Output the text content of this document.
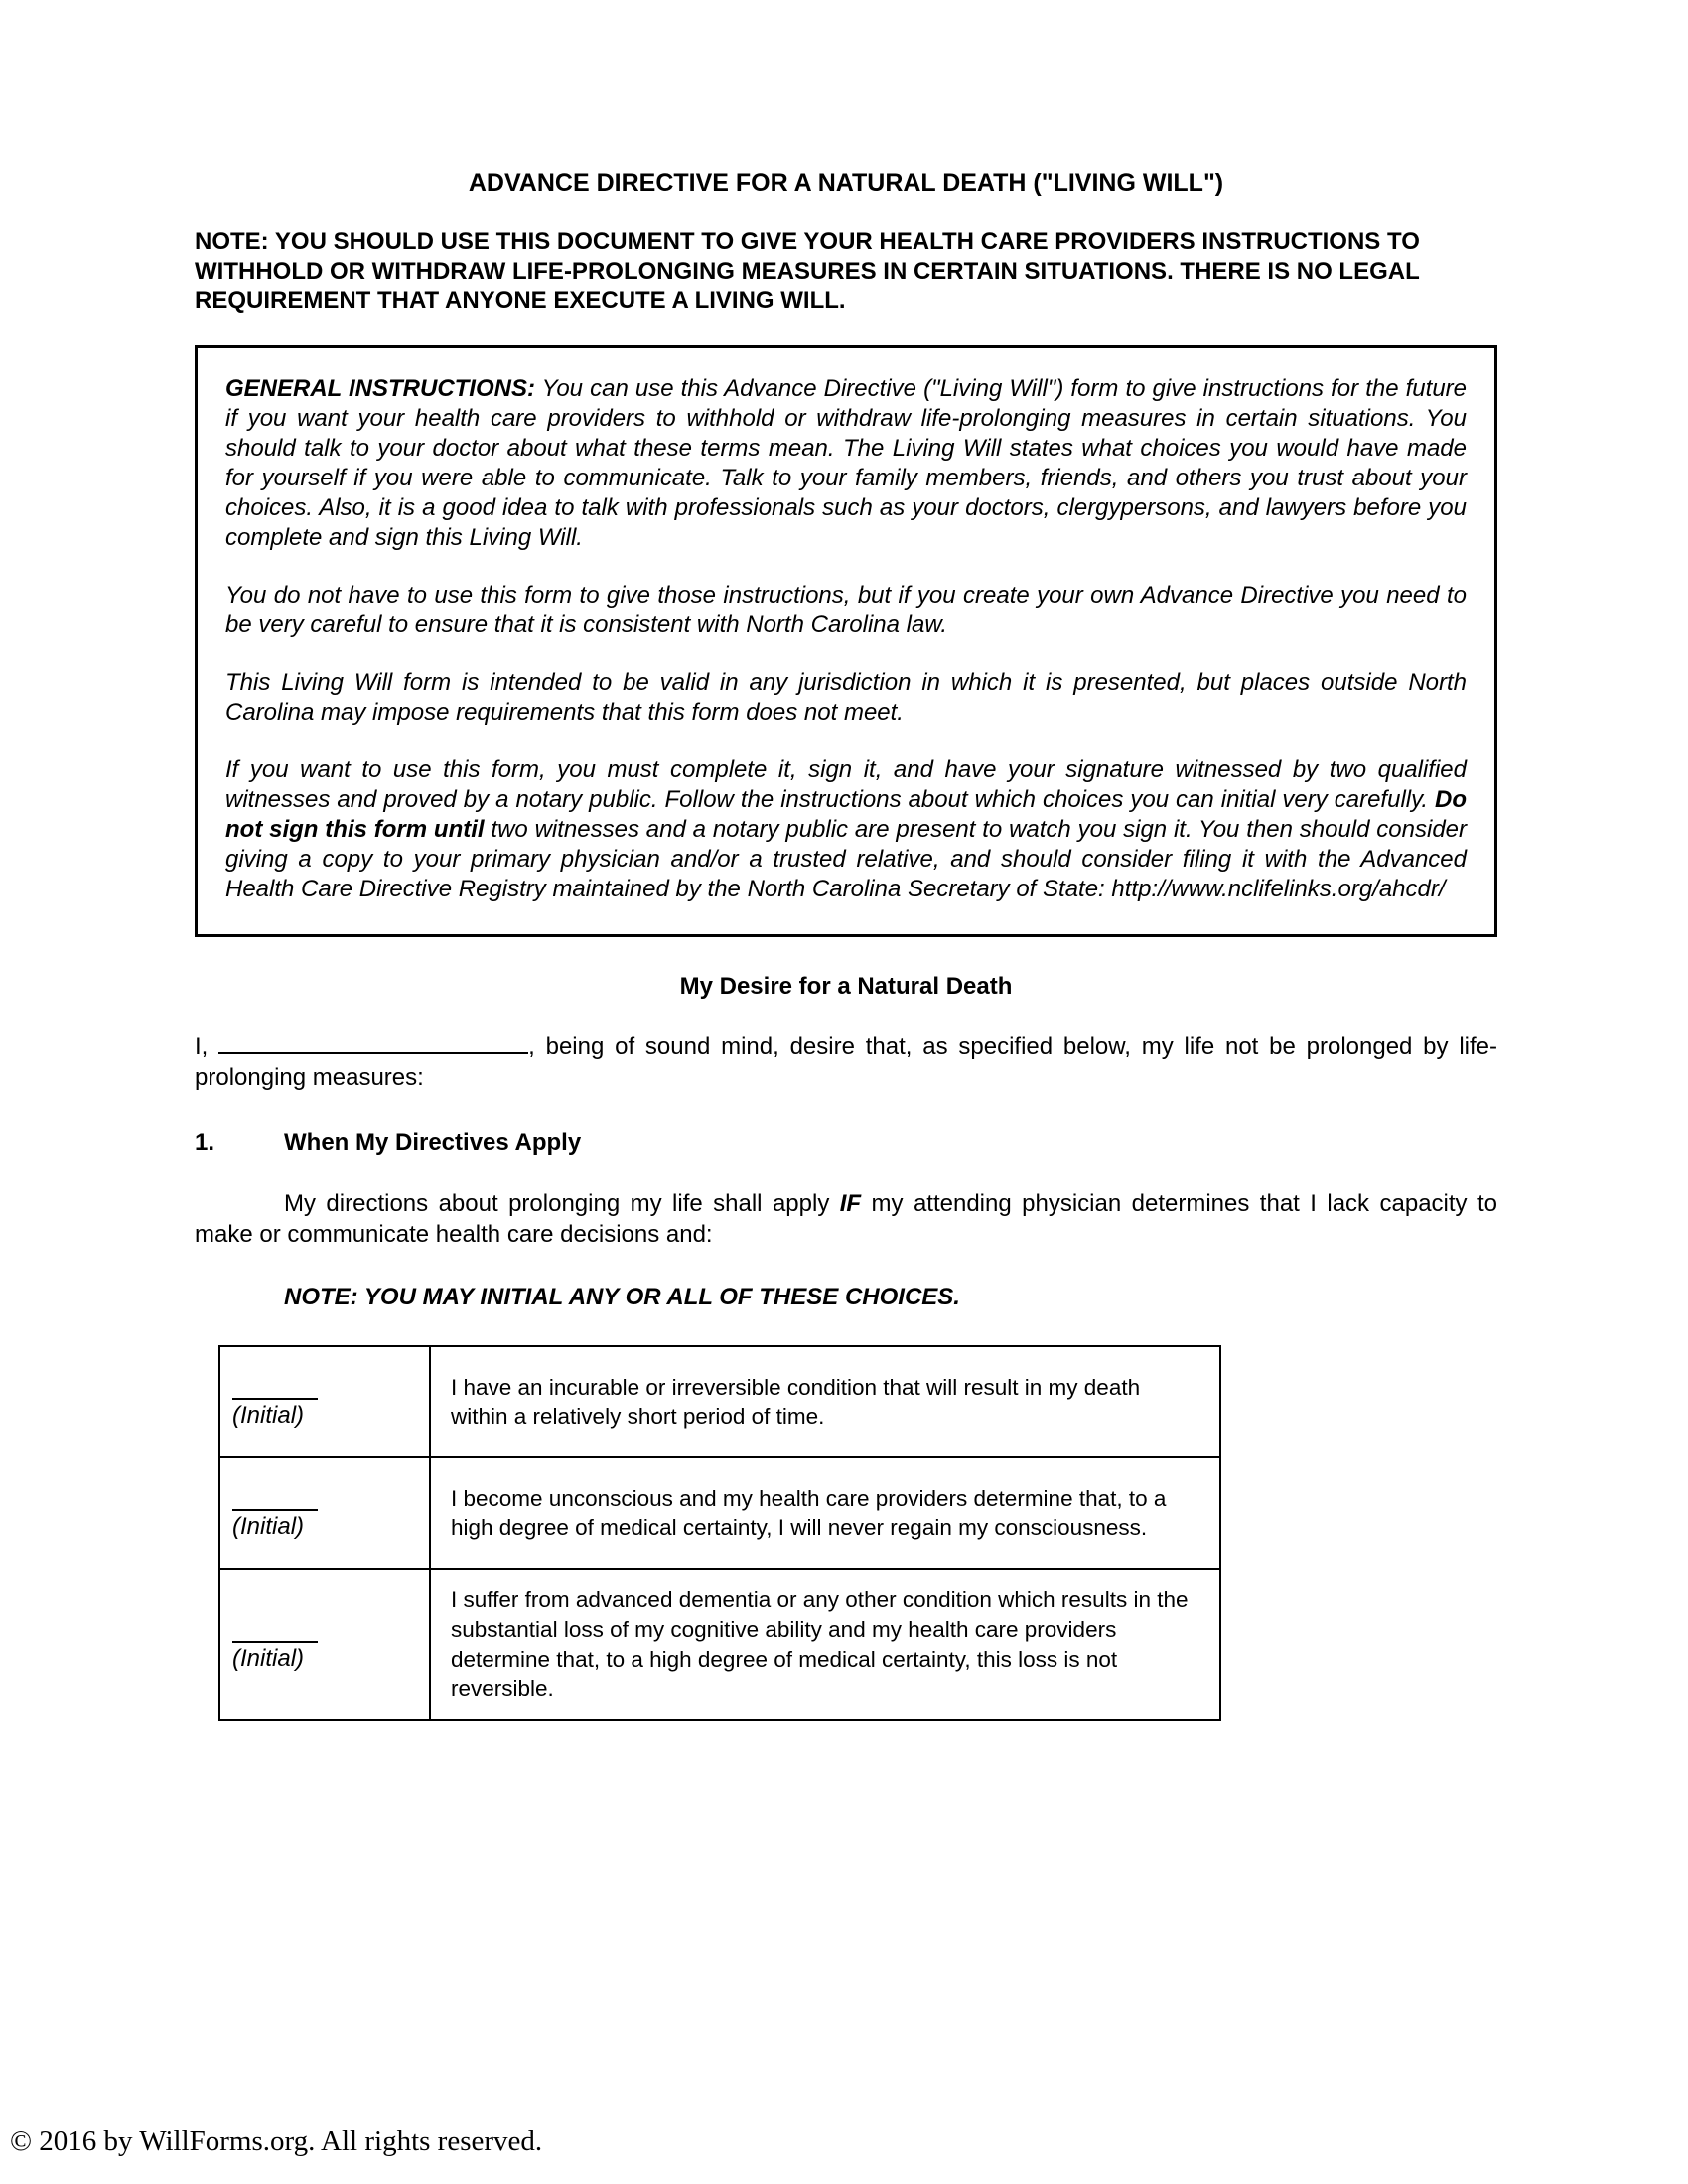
ADVANCE DIRECTIVE FOR A NATURAL DEATH ("LIVING WILL")

NOTE: YOU SHOULD USE THIS DOCUMENT TO GIVE YOUR HEALTH CARE PROVIDERS INSTRUCTIONS TO WITHHOLD OR WITHDRAW LIFE-PROLONGING MEASURES IN CERTAIN SITUATIONS. THERE IS NO LEGAL REQUIREMENT THAT ANYONE EXECUTE A LIVING WILL.

GENERAL INSTRUCTIONS: You can use this Advance Directive ("Living Will") form to give instructions for the future if you want your health care providers to withhold or withdraw life-prolonging measures in certain situations. You should talk to your doctor about what these terms mean. The Living Will states what choices you would have made for yourself if you were able to communicate. Talk to your family members, friends, and others you trust about your choices. Also, it is a good idea to talk with professionals such as your doctors, clergypersons, and lawyers before you complete and sign this Living Will.

You do not have to use this form to give those instructions, but if you create your own Advance Directive you need to be very careful to ensure that it is consistent with North Carolina law.

This Living Will form is intended to be valid in any jurisdiction in which it is presented, but places outside North Carolina may impose requirements that this form does not meet.

If you want to use this form, you must complete it, sign it, and have your signature witnessed by two qualified witnesses and proved by a notary public. Follow the instructions about which choices you can initial very carefully. Do not sign this form until two witnesses and a notary public are present to watch you sign it. You then should consider giving a copy to your primary physician and/or a trusted relative, and should consider filing it with the Advanced Health Care Directive Registry maintained by the North Carolina Secretary of State: http://www.nclifelinks.org/ahcdr/

My Desire for a Natural Death

I,	, being of sound mind, desire that, as specified below, my life not be prolonged by life-prolonging measures:

1.	When My Directives Apply

My directions about prolonging my life shall apply IF my attending physician determines that I lack capacity to make or communicate health care decisions and:

NOTE: YOU MAY INITIAL ANY OR ALL OF THESE CHOICES.

(Initial)	I have an incurable or irreversible condition that will result in my death within a relatively short period of time.

(Initial)	I become unconscious and my health care providers determine that, to a high degree of medical certainty, I will never regain my consciousness.

(Initial)	I suffer from advanced dementia or any other condition which results in the substantial loss of my cognitive ability and my health care providers determine that, to a high degree of medical certainty, this loss is not reversible.
© 2016 by WillForms.org. All rights reserved.
